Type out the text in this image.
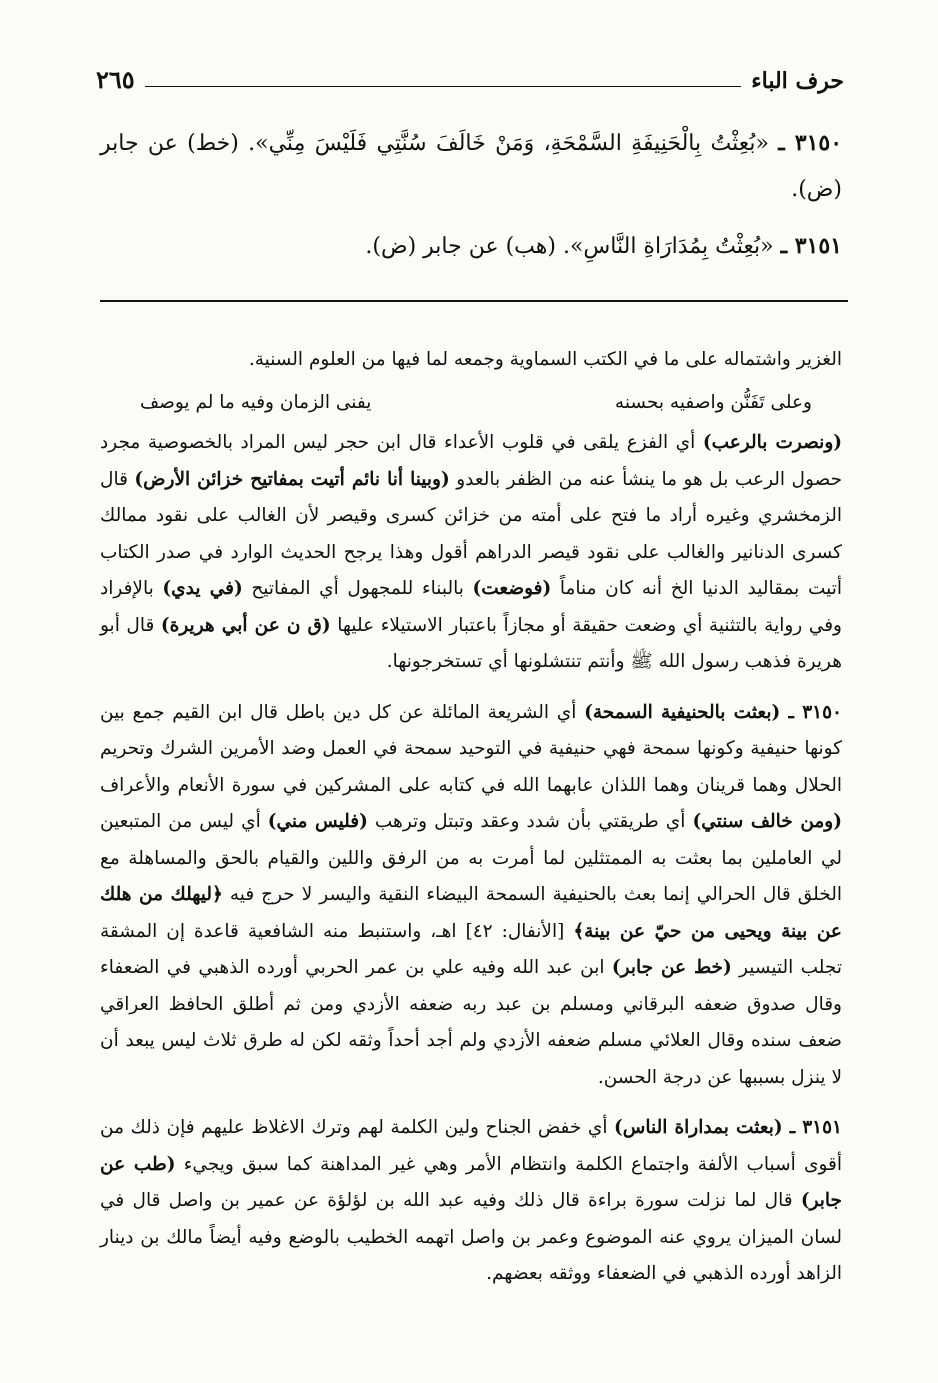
٢٦٥	حرف الباء

٣١٥٠ ـ «بُعِثْتُ بِالْحَنِيفَةِ السَّمْحَةِ، وَمَنْ خَالَفَ سُنَّتِي فَلَيْسَ مِنِّي». (خط) عن جابر (ض).

٣١٥١ ـ «بُعِثْتُ بِمُدَارَاةِ النَّاسِ». (هب) عن جابر (ض).

الغزير واشتماله على ما في الكتب السماوية وجمعه لما فيها من العلوم السنية.

وعلى تَفَنُّن واصفيه بحسنه
يفنى الزمان وفيه ما لم يوصف

(ونصرت بالرعب) أي الفزع يلقى في قلوب الأعداء قال ابن حجر ليس المراد بالخصوصية مجرد حصول الرعب بل هو ما ينشأ عنه من الظفر بالعدو (وبينا أنا نائم أتيت بمفاتيح خزائن الأرض) قال الزمخشري وغيره أراد ما فتح على أمته من خزائن كسرى وقيصر لأن الغالب على نقود ممالك كسرى الدنانير والغالب على نقود قيصر الدراهم أقول وهذا يرجح الحديث الوارد في صدر الكتاب أتيت بمقاليد الدنيا الخ أنه كان مناماً (فوضعت) بالبناء للمجهول أي المفاتيح (في يدي) بالإفراد وفي رواية بالتثنية أي وضعت حقيقة أو مجازاً باعتبار الاستيلاء عليها (ق ن عن أبي هريرة) قال أبو هريرة فذهب رسول الله ﷺ وأنتم تنتشلونها أي تستخرجونها.

٣١٥٠ ـ (بعثت بالحنيفية السمحة) أي الشريعة المائلة عن كل دين باطل قال ابن القيم جمع بين كونها حنيفية وكونها سمحة فهي حنيفية في التوحيد سمحة في العمل وضد الأمرين الشرك وتحريم الحلال وهما قرينان وهما اللذان عابهما الله في كتابه على المشركين في سورة الأنعام والأعراف (ومن خالف سنتي) أي طريقتي بأن شدد وعقد وتبتل وترهب (فليس مني) أي ليس من المتبعين لي العاملين بما بعثت به الممتثلين لما أمرت به من الرفق واللين والقيام بالحق والمساهلة مع الخلق قال الحرالي إنما بعث بالحنيفية السمحة البيضاء النقية واليسر لا حرج فيه ﴿ليهلك من هلك عن بينة ويحيى من حيّ عن بينة﴾ [الأنفال: ٤٢] اهـ، واستنبط منه الشافعية قاعدة إن المشقة تجلب التيسير (خط عن جابر) ابن عبد الله وفيه علي بن عمر الحربي أورده الذهبي في الضعفاء وقال صدوق ضعفه البرقاني ومسلم بن عبد ربه ضعفه الأزدي ومن ثم أطلق الحافظ العراقي ضعف سنده وقال العلائي مسلم ضعفه الأزدي ولم أجد أحداً وثقه لكن له طرق ثلاث ليس يبعد أن لا ينزل بسببها عن درجة الحسن.

٣١٥١ ـ (بعثت بمداراة الناس) أي خفض الجناح ولين الكلمة لهم وترك الاغلاظ عليهم فإن ذلك من أقوى أسباب الألفة واجتماع الكلمة وانتظام الأمر وهي غير المداهنة كما سبق ويجيء (طب عن جابر) قال لما نزلت سورة براءة قال ذلك وفيه عبد الله بن لؤلؤة عن عمير بن واصل قال في لسان الميزان يروي عنه الموضوع وعمر بن واصل اتهمه الخطيب بالوضع وفيه أيضاً مالك بن دينار الزاهد أورده الذهبي في الضعفاء ووثقه بعضهم.
